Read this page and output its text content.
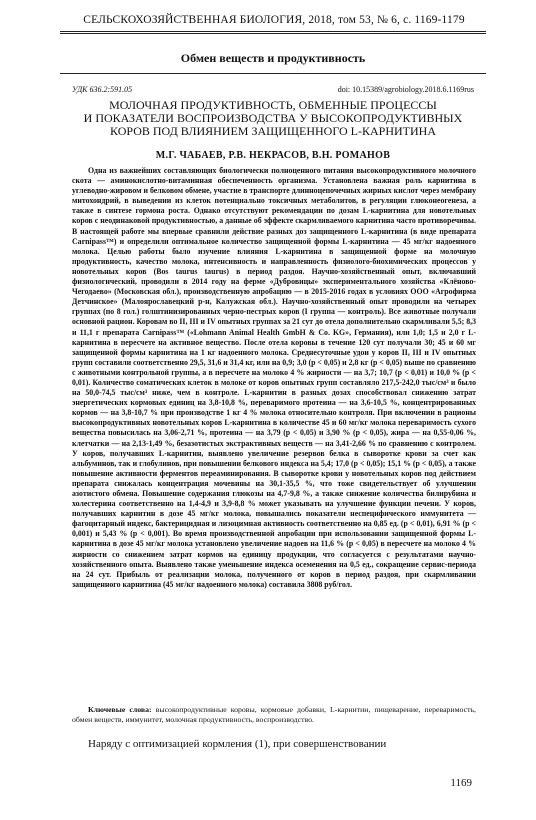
СЕЛЬСКОХОЗЯЙСТВЕННАЯ БИОЛОГИЯ, 2018, том 53, № 6, с. 1169-1179
Обмен веществ и продуктивность
УДК 636.2:591.05	doi: 10.15389/agrobiology.2018.6.1169rus
МОЛОЧНАЯ ПРОДУКТИВНОСТЬ, ОБМЕННЫЕ ПРОЦЕССЫ
И ПОКАЗАТЕЛИ ВОСПРОИЗВОДСТВА У ВЫСОКОПРОДУКТИВНЫХ
КОРОВ ПОД ВЛИЯНИЕМ ЗАЩИЩЕННОГО L-КАРНИТИНА
М.Г. ЧАБАЕВ, Р.В. НЕКРАСОВ, В.Н. РОМАНОВ

Одна из важнейших составляющих биологически полноценного питания высокопродуктивного молочного скота — аминокислотно-витаминная обеспеченность организма. Установлена важная роль карнитина в углеводно-жировом и белковом обмене, участие в транспорте длинноцепочечных жирных кислот через мембрану митохондрий, в выведении из клеток потенциально токсичных метаболитов, в регуляции глюконеогенеза, а также в синтезе гормона роста. Однако отсутствуют рекомендации по дозам L-карнитина для новотельных коров с неодинаковой продуктивностью, а данные об эффекте скармливаемого карнитина часто противоречивы. В настоящей работе мы впервые сравнили действие разных доз защищенного L-карнитина (в виде препарата Carnipass™) и определили оптимальное количество защищенной формы L-карнитина — 45 мг/кг надоенного молока. Целью работы было изучение влияния L-карнитина в защищенной форме на молочную продуктивность, качество молока, интенсивность и направленность физиолого-биохимических процессов у новотельных коров (Bos taurus taurus) в период раздоя. Научно-хозяйственный опыт, включавший физиологический, проводили в 2014 году на ферме «Дубровицы» экспериментального хозяйства «Клёново-Чегодаево» (Московская обл.), производственную апробацию — в 2015-2016 годах в условиях ООО «Агрофирма Детчинское» (Малоярославецкий р-н, Калужская обл.). Научно-хозяйственный опыт проводили на четырех группах (по 8 гол.) голштинизированных черно-пестрых коров (I группа — контроль). Все животные получали основной рацион. Коровам во II, III и IV опытных группах за 21 сут до отела дополнительно скармливали 5,5; 8,3 и 11,1 г препарата Carnipass™ («Lohmann Animal Health GmbH & Co. KG», Германия), или 1,0; 1,5 и 2,0 г L-карнитина в пересчете на активное вещество. После отела коровы в течение 120 сут получали 30; 45 и 60 мг защищенной формы карнитина на 1 кг надоенного молока. Среднесуточные удои у коров II, III и IV опытных групп составили соответственно 29,5, 31,6 и 31,4 кг, или на 0,9; 3,0 (p < 0,05) и 2,8 кг (p < 0,05) выше по сравнению с животными контрольной группы, а в пересчете на молоко 4 % жирности — на 3,7; 10,7 (p < 0,01) и 10,0 % (p < 0,01). Количество соматических клеток в молоке от коров опытных групп составляло 217,5-242,0 тыс/см³ и было на 50,0-74,5 тыс/см³ ниже, чем в контроле. L-карнитин в разных дозах способствовал снижению затрат энергетических кормовых единиц на 3,8-10,8 %, переваримого протеина — на 3,6-10,5 %, концентрированных кормов — на 3,8-10,7 % при производстве 1 кг 4 % молока относительно контроля. При включении в рационы высокопродуктивных новотельных коров L-карнитина в количестве 45 и 60 мг/кг молока переваримость сухого вещества повысилась на 3,06-2,71 %, протеина — на 3,79 (p < 0,05) и 3,90 % (p < 0,05), жира — на 0,55-0,06 %, клетчатки — на 2,13-1,49 %, безазотистых экстрактивных веществ — на 3,41-2,66 % по сравнению с контролем. У коров, получавших L-карнитин, выявлено увеличение резервов белка в сыворотке крови за счет как альбуминов, так и глобулинов, при повышении белкового индекса на 5,4; 17,0 (p < 0,05); 15,1 % (p < 0,05), а также повышение активности ферментов переаминирования. В сыворотке крови у новотельных коров под действием препарата снижалась концентрация мочевины на 30,1-35,5 %, что тоже свидетельствует об улучшении азотистого обмена. Повышение содержания глюкозы на 4,7-9,8 %, а также снижение количества билирубина и холестерина соответственно на 1,4-4,9 и 3,9-8,8 % может указывать на улучшение функции печени. У коров, получавших карнитин в дозе 45 мг/кг молока, повышались показатели неспецифического иммунитета — фагоцитарный индекс, бактерицидная и лизоцимная активность соответственно на 0,85 ед. (p < 0,01), 6,91 % (p < 0,001) и 5,43 % (p < 0,001). Во время производственной апробации при использовании защищенной формы L-карнитина в дозе 45 мг/кг молока установлено увеличение надоев на 11,6 % (p < 0,05) в пересчете на молоко 4 % жирности со снижением затрат кормов на единицу продукции, что согласуется с результатами научно-хозяйственного опыта. Выявлено также уменьшение индекса осеменения на 0,5 ед., сокращение сервис-периода на 24 сут. Прибыль от реализации молока, полученного от коров в период раздоя, при скармливании защищенного карнитина (45 мг/кг надоенного молока) составила 3808 руб/гол.

Ключевые слова: высокопродуктивные коровы, кормовые добавки, L-карнитин, пищеварение, переваримость, обмен веществ, иммунитет, молочная продуктивность, воспроизводство.
Наряду с оптимизацией кормления (1), при совершенствовании
1169
